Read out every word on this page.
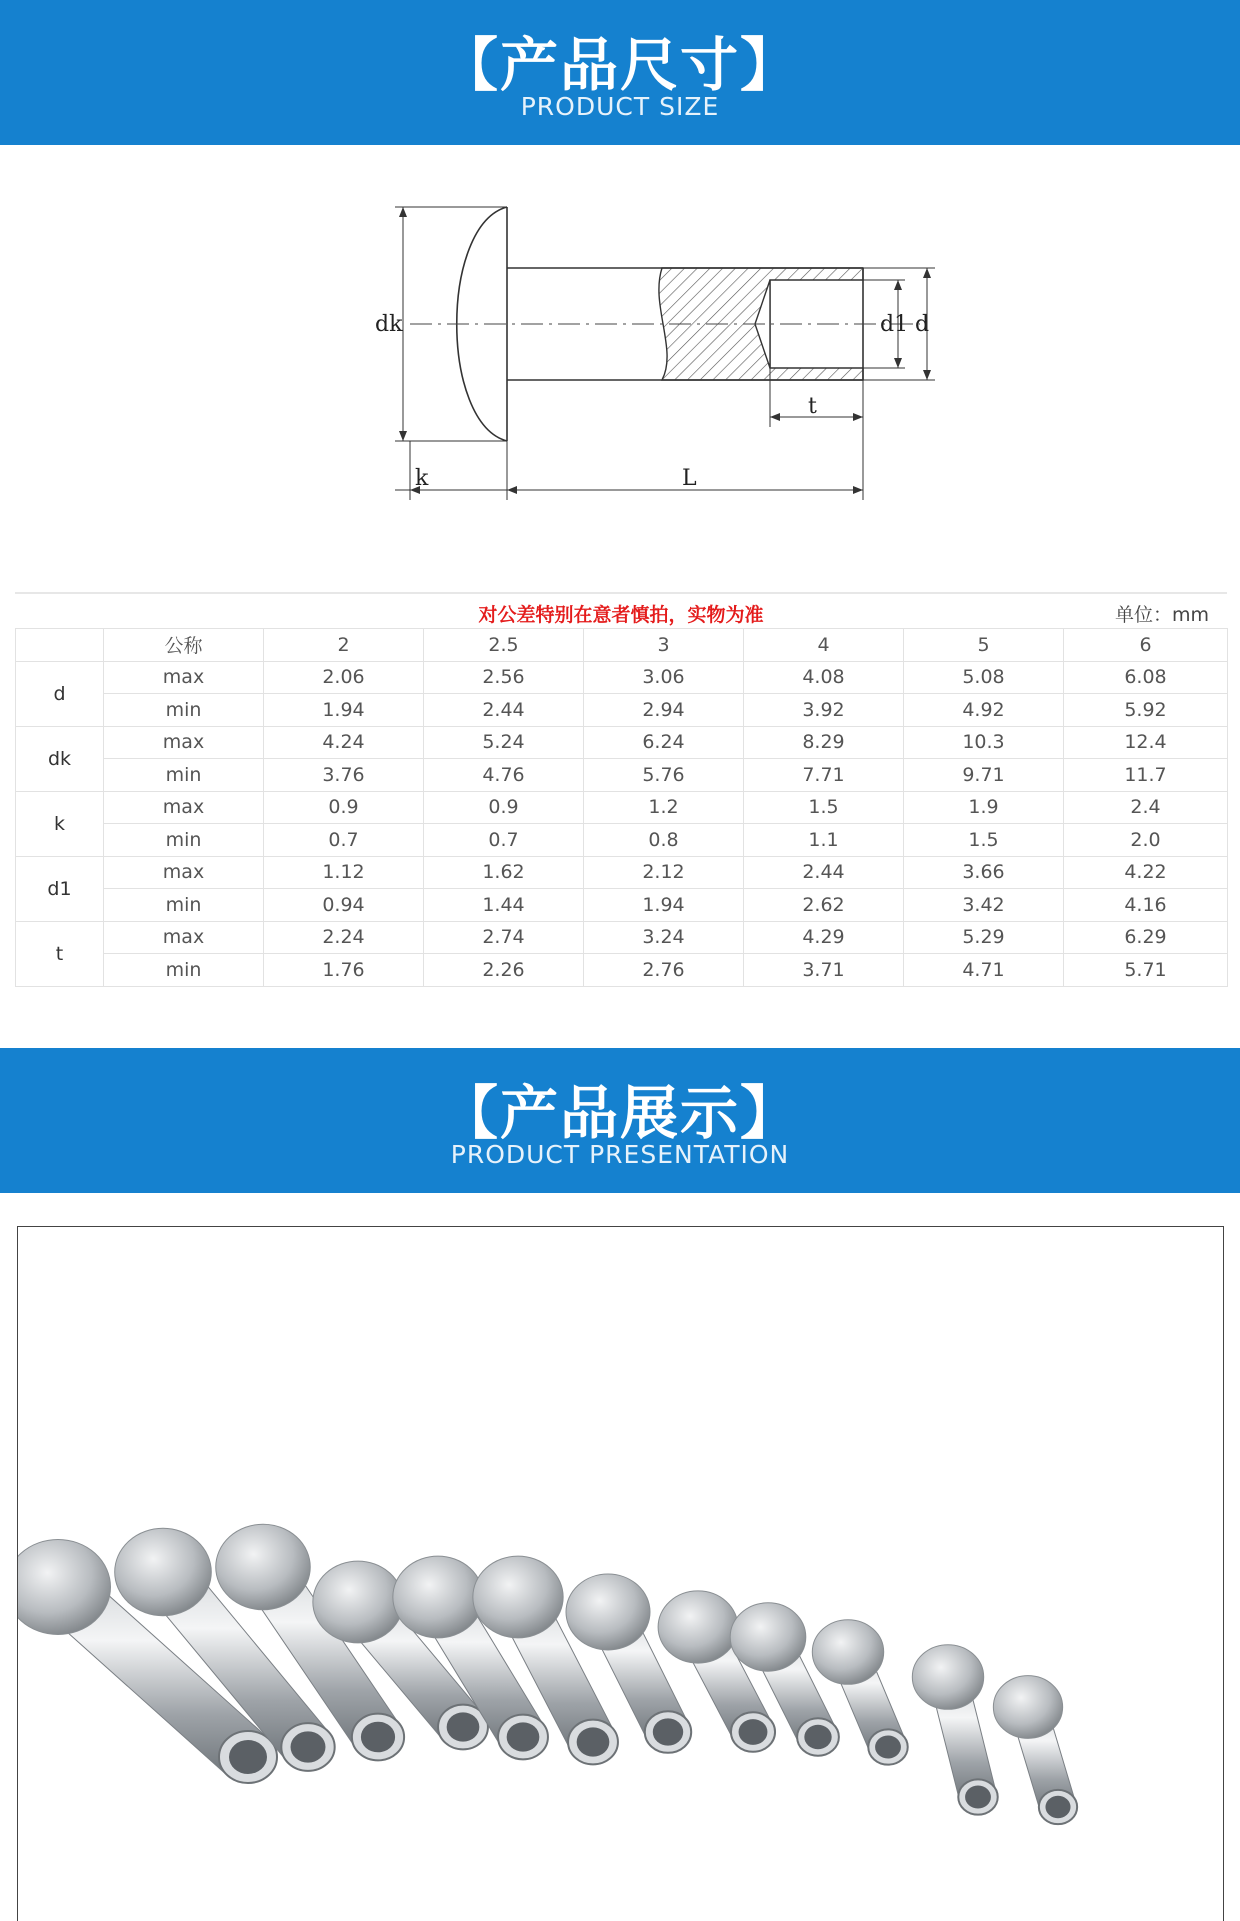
【产品尺寸】
PRODUCT SIZE
dk	d1 d
t
k	L
对公差特别在意者慎拍，实物为准	单位：mm
	公称	2	2.5	3	4	5	6
d	max	2.06	2.56	3.06	4.08	5.08	6.08
	min	1.94	2.44	2.94	3.92	4.92	5.92
dk	max	4.24	5.24	6.24	8.29	10.3	12.4
	min	3.76	4.76	5.76	7.71	9.71	11.7
k	max	0.9	0.9	1.2	1.5	1.9	2.4
	min	0.7	0.7	0.8	1.1	1.5	2.0
d1	max	1.12	1.62	2.12	2.44	3.66	4.22
	min	0.94	1.44	1.94	2.62	3.42	4.16
t	max	2.24	2.74	3.24	4.29	5.29	6.29
	min	1.76	2.26	2.76	3.71	4.71	5.71
【产品展示】
PRODUCT PRESENTATION
